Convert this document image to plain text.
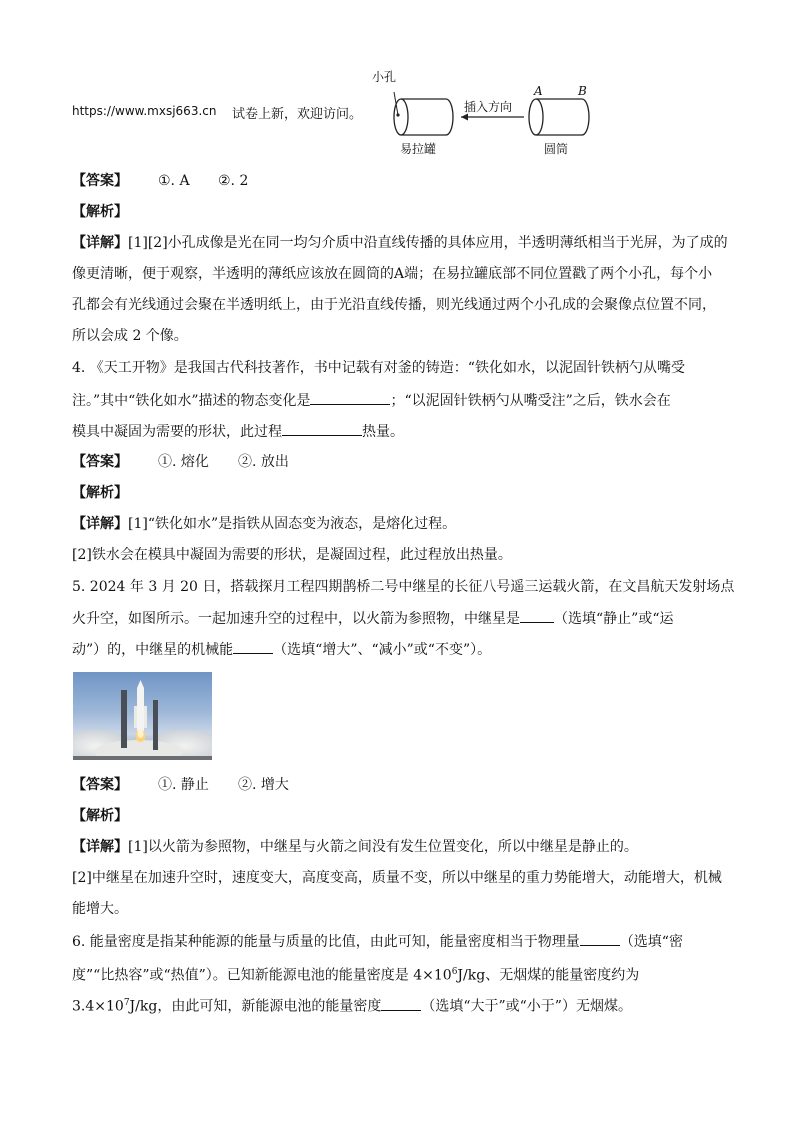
https://www.mxsj663.cn 试卷上新，欢迎访问。
小孔
插入方向
A	B
易拉罐	圆筒
【答案】 ①. A ②. 2
【解析】
【详解】[1][2]小孔成像是光在同一均匀介质中沿直线传播的具体应用，半透明薄纸相当于光屏，为了成的
像更清晰，便于观察，半透明的薄纸应该放在圆筒的A端；在易拉罐底部不同位置戳了两个小孔，每个小
孔都会有光线通过会聚在半透明纸上，由于光沿直线传播，则光线通过两个小孔成的会聚像点位置不同，
所以会成 2 个像。
4. 《天工开物》是我国古代科技著作，书中记载有对釜的铸造：“铁化如水，以泥固针铁柄勺从嘴受
注。”其中“铁化如水”描述的物态变化是	；“以泥固针铁柄勺从嘴受注”之后，铁水会在
模具中凝固为需要的形状，此过程	热量。
【答案】 ①. 熔化 ②. 放出
【解析】
【详解】[1]“铁化如水”是指铁从固态变为液态，是熔化过程。
[2]铁水会在模具中凝固为需要的形状，是凝固过程，此过程放出热量。
5. 2024 年 3 月 20 日，搭载探月工程四期鹊桥二号中继星的长征八号遥三运载火箭，在文昌航天发射场点
火升空，如图所示。一起加速升空的过程中，以火箭为参照物，中继星是 （选填“静止”或“运
动”）的，中继星的机械能	（选填“增大”、“减小”或“不变”）。
【答案】 ①. 静止 ②. 增大
【解析】
【详解】[1]以火箭为参照物，中继星与火箭之间没有发生位置变化，所以中继星是静止的。
[2]中继星在加速升空时，速度变大，高度变高，质量不变，所以中继星的重力势能增大，动能增大，机械
能增大。
6. 能量密度是指某种能源的能量与质量的比值，由此可知，能量密度相当于物理量	（选填“密
度”“比热容”或“热值”）。已知新能源电池的能量密度是 $4\times 10^6J/kg$、无烟煤的能量密度约为
$3.4\times 10^7J/kg$，由此可知，新能源电池的能量密度	（选填“大于”或“小于”）无烟煤。
